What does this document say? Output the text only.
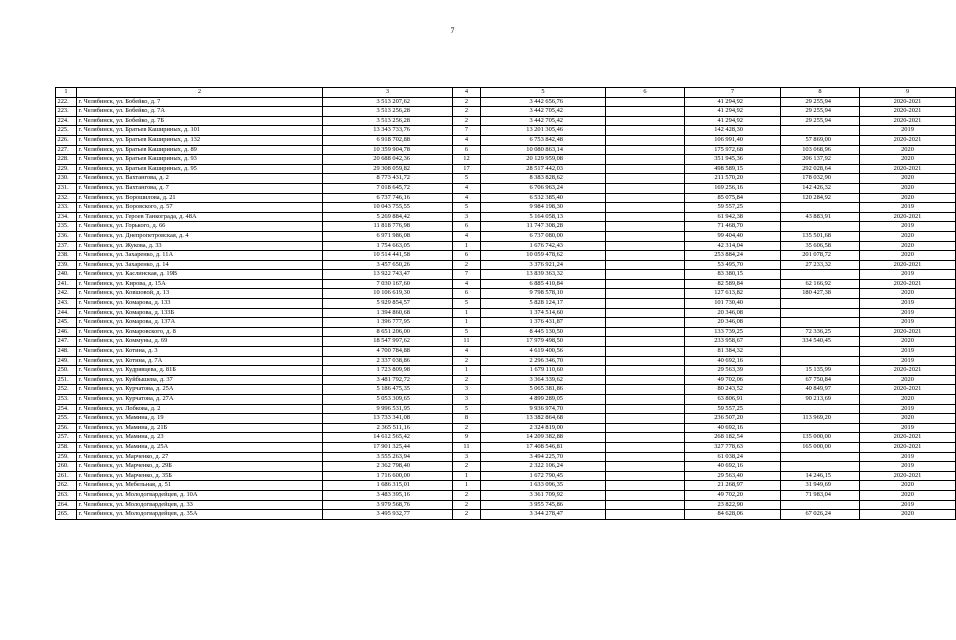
7
1	2	3	4	5	6	7	8	9
222.	г. Челябинск, ул. Бобейко, д. 7	3 513 207,62	2	3 442 656,76		41 294,92	29 255,94	2020-2021
223.	г. Челябинск, ул. Бобейко, д. 7А	3 513 256,28	2	3 442 705,42		41 294,92	29 255,94	2020-2021
224.	г. Челябинск, ул. Бобейко, д. 7Б	3 513 256,28	2	3 442 705,42		41 294,92	29 255,94	2020-2021
225.	г. Челябинск, ул. Братьев Кашириных, д. 101	13 343 733,76	7	13 201 305,46		142 428,30		2019
226.	г. Челябинск, ул. Братьев Кашириных, д. 132	6 918 702,88	4	6 753 842,48		106 991,40	57 869,00	2020-2021
227.	г. Челябинск, ул. Братьев Кашириных, д. 89	10 359 904,78	6	10 080 863,14		175 972,68	103 068,96	2020
228.	г. Челябинск, ул. Братьев Кашириных, д. 93	20 688 042,36	12	20 129 959,08		351 945,36	206 137,92	2020
229.	г. Челябинск, ул. Братьев Кашириных, д. 95	29 308 059,82	17	28 517 442,03		498 589,15	292 028,64	2020-2021
230.	г. Челябинск, ул. Вахтангова, д. 2	8 773 431,72	5	8 383 828,62		211 570,20	178 032,90	2020
231.	г. Челябинск, ул. Вахтангова, д. 7	7 018 645,72	4	6 706 963,24		169 256,16	142 426,32	2020
232.	г. Челябинск, ул. Ворошилова, д. 21	6 737 746,16	4	6 532 385,40		85 075,84	120 284,92	2020
233.	г. Челябинск, ул. Воровского, д. 57	10 043 755,55	5	9 984 198,30		59 557,25		2019
234.	г. Челябинск, ул. Героев Танкограда, д. 48А	5 269 884,42	3	5 164 058,13		61 942,38	43 883,91	2020-2021
235.	г. Челябинск, ул. Горького, д. 66	11 818 776,98	6	11 747 308,28		71 468,70		2019
236.	г. Челябинск, ул. Днепропетровская, д. 4	6 971 986,08	4	6 737 080,00		99 404,40	135 501,68	2020
237.	г. Челябинск, ул. Жукова, д. 33	1 754 663,05	1	1 676 742,43		42 314,04	35 606,58	2020
238.	г. Челябинск, ул. Захаренко, д. 11А	10 514 441,58	6	10 059 478,62		253 884,24	201 078,72	2020
239.	г. Челябинск, ул. Захаренко, д. 14	3 457 650,26	2	3 376 921,24		53 495,70	27 233,32	2020-2021
240.	г. Челябинск, ул. Каслинская, д. 19В	13 922 743,47	7	13 839 363,32		83 380,15		2019
241.	г. Челябинск, ул. Кирова, д. 15А	7 030 167,60	4	6 885 410,84		82 589,84	62 166,92	2020-2021
242.	г. Челябинск, ул. Ковшовой, д. 13	10 106 619,30	6	9 798 578,10		127 613,82	180 427,38	2020
243.	г. Челябинск, ул. Комарова, д. 133	5 929 854,57	5	5 828 124,17		101 730,40		2019
244.	г. Челябинск, ул. Комарова, д. 133Б	1 394 860,68	1	1 374 514,60		20 346,08		2019
245.	г. Челябинск, ул. Комарова, д. 137А	1 396 777,95	1	1 376 431,87		20 346,08		2019
246.	г. Челябинск, ул. Комаровского, д. 8	8 651 206,00	5	8 445 130,50		133 739,25	72 336,25	2020-2021
247.	г. Челябинск, ул. Коммуны, д. 69	18 547 997,62	11	17 979 498,50		233 958,67	334 540,45	2020
248.	г. Челябинск, ул. Котина, д. 3	4 700 784,88	4	4 619 400,56		81 384,32		2019
249.	г. Челябинск, ул. Котина, д. 7А	2 337 038,86	2	2 296 346,70		40 692,16		2019
250.	г. Челябинск, ул. Кудрявцева, д. 81Б	1 723 809,98	1	1 679 110,60		29 563,39	15 135,99	2020-2021
251.	г. Челябинск, ул. Куйбышева, д. 37	3 481 792,72	2	3 364 339,62		49 702,06	67 750,84	2020
252.	г. Челябинск, ул. Курчатова, д. 25А	5 186 475,35	3	5 065 381,86		80 243,52	40 849,97	2020-2021
253.	г. Челябинск, ул. Курчатова, д. 27А	5 053 309,65	3	4 899 289,05		63 806,91	90 213,69	2020
254.	г. Челябинск, ул. Лобкова, д. 2	9 996 531,95	5	9 936 974,70		59 557,25		2019
255.	г. Челябинск, ул. Мамина, д. 19	13 733 341,08	8	13 382 864,68		236 507,20	113 969,20	2020
256.	г. Челябинск, ул. Мамина, д. 21Б	2 365 511,16	2	2 324 819,00		40 692,16		2019
257.	г. Челябинск, ул. Мамина, д. 23	14 612 565,42	9	14 209 382,88		268 182,54	135 000,00	2020-2021
258.	г. Челябинск, ул. Мамина, д. 25А	17 901 325,44	11	17 408 546,81		327 778,63	165 000,00	2020-2021
259.	г. Челябинск, ул. Марченко, д. 27	3 555 263,94	3	3 494 225,70		61 038,24		2019
260.	г. Челябинск, ул. Марченко, д. 29Б	2 362 798,40	2	2 322 106,24		40 692,16		2019
261.	г. Челябинск, ул. Марченко, д. 35Б	1 716 600,00	1	1 672 790,45		29 563,40	14 246,15	2020-2021
262.	г. Челябинск, ул. Мебельная, д. 51	1 686 315,01	1	1 633 096,35		21 268,97	31 949,69	2020
263.	г. Челябинск, ул. Молодогвардейцев, д. 10А	3 483 395,16	2	3 361 709,92		49 702,20	71 983,04	2020
264.	г. Челябинск, ул. Молодогвардейцев, д. 33	3 979 568,76	2	3 955 745,86		23 822,90		2019
265.	г. Челябинск, ул. Молодогвардейцев, д. 35А	3 495 932,77	2	3 344 278,47		84 628,06	67 026,24	2020
